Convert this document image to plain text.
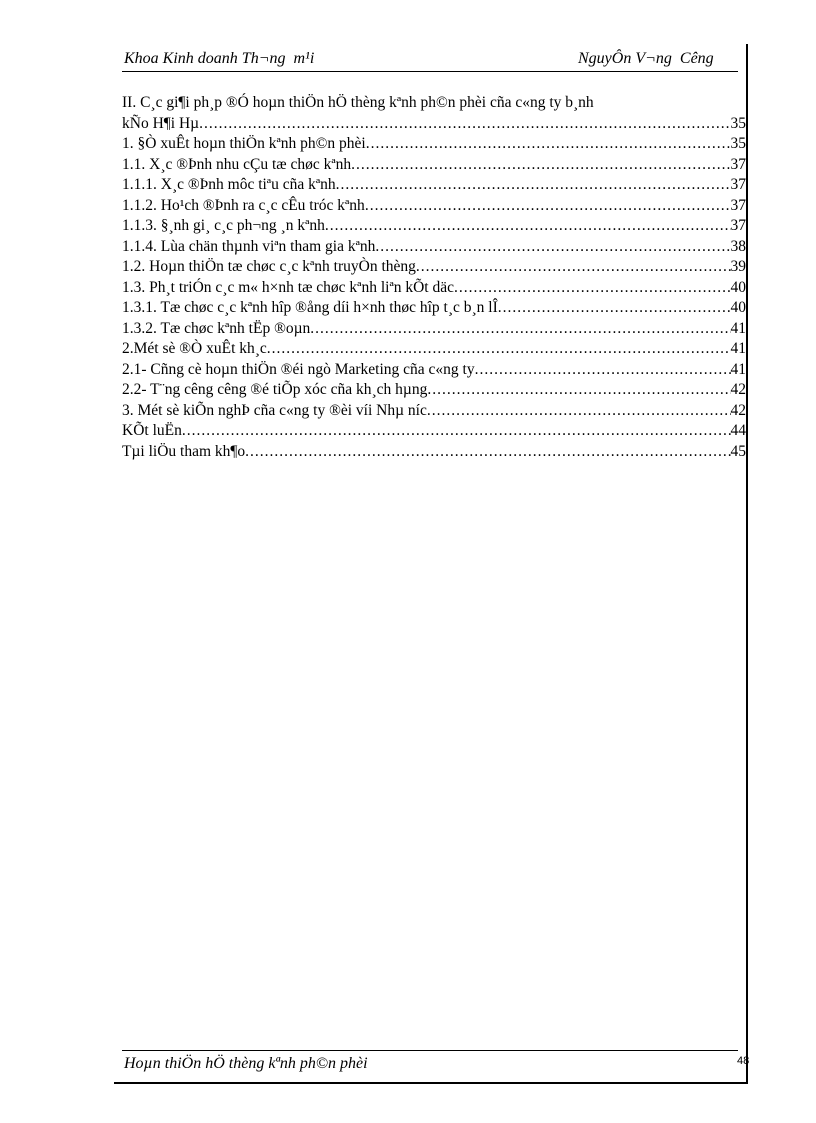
Khoa Kinh doanh Th¬ng  m¹i	NguyÔn V¬ng  Cêng
II. C¸c gi¶i ph¸p ®Ó hoµn thiÖn hÖ thèng kªnh ph©n phèi cña c«ng ty b¸nh
kÑo H¶i Hµ .....	35
1. §Ò xuÊt hoµn thiÖn kªnh ph©n phèi .....	35
1.1. X¸c ®Þnh nhu cÇu tæ chøc kªnh .....	37
1.1.1. X¸c ®Þnh môc tiªu cña kªnh .....	37
1.1.2. Ho¹ch ®Þnh ra c¸c cÊu tróc kªnh .....	37
1.1.3. §¸nh gi¸ c¸c ph¬ng ¸n kªnh .....	37
1.1.4. Lùa chän thµnh viªn tham gia kªnh .....	38
1.2. Hoµn thiÖn tæ chøc c¸c kªnh truyÒn thèng .....	39
1.3. Ph¸t triÓn c¸c m« h×nh tæ chøc kªnh liªn kÕt däc .....	40
1.3.1. Tæ chøc c¸c kªnh hîp ®ång díi h×nh thøc hîp t¸c b¸n lÎ .....	40
1.3.2. Tæ chøc kªnh tËp ®oµn .....	41
2.Mét sè ®Ò xuÊt kh¸c .....	41
2.1- Cñng cè hoµn thiÖn ®éi ngò Marketing cña c«ng ty .....	41
2.2- T¨ng cêng cêng ®é tiÕp xóc cña kh¸ch hµng .....	42
3. Mét sè kiÕn nghÞ cña c«ng ty ®èi víi Nhµ níc .....	42
KÕt luËn .....	44
Tµi liÖu tham kh¶o .....	45
Hoµn thiÖn hÖ thèng kªnh ph©n phèi	48
